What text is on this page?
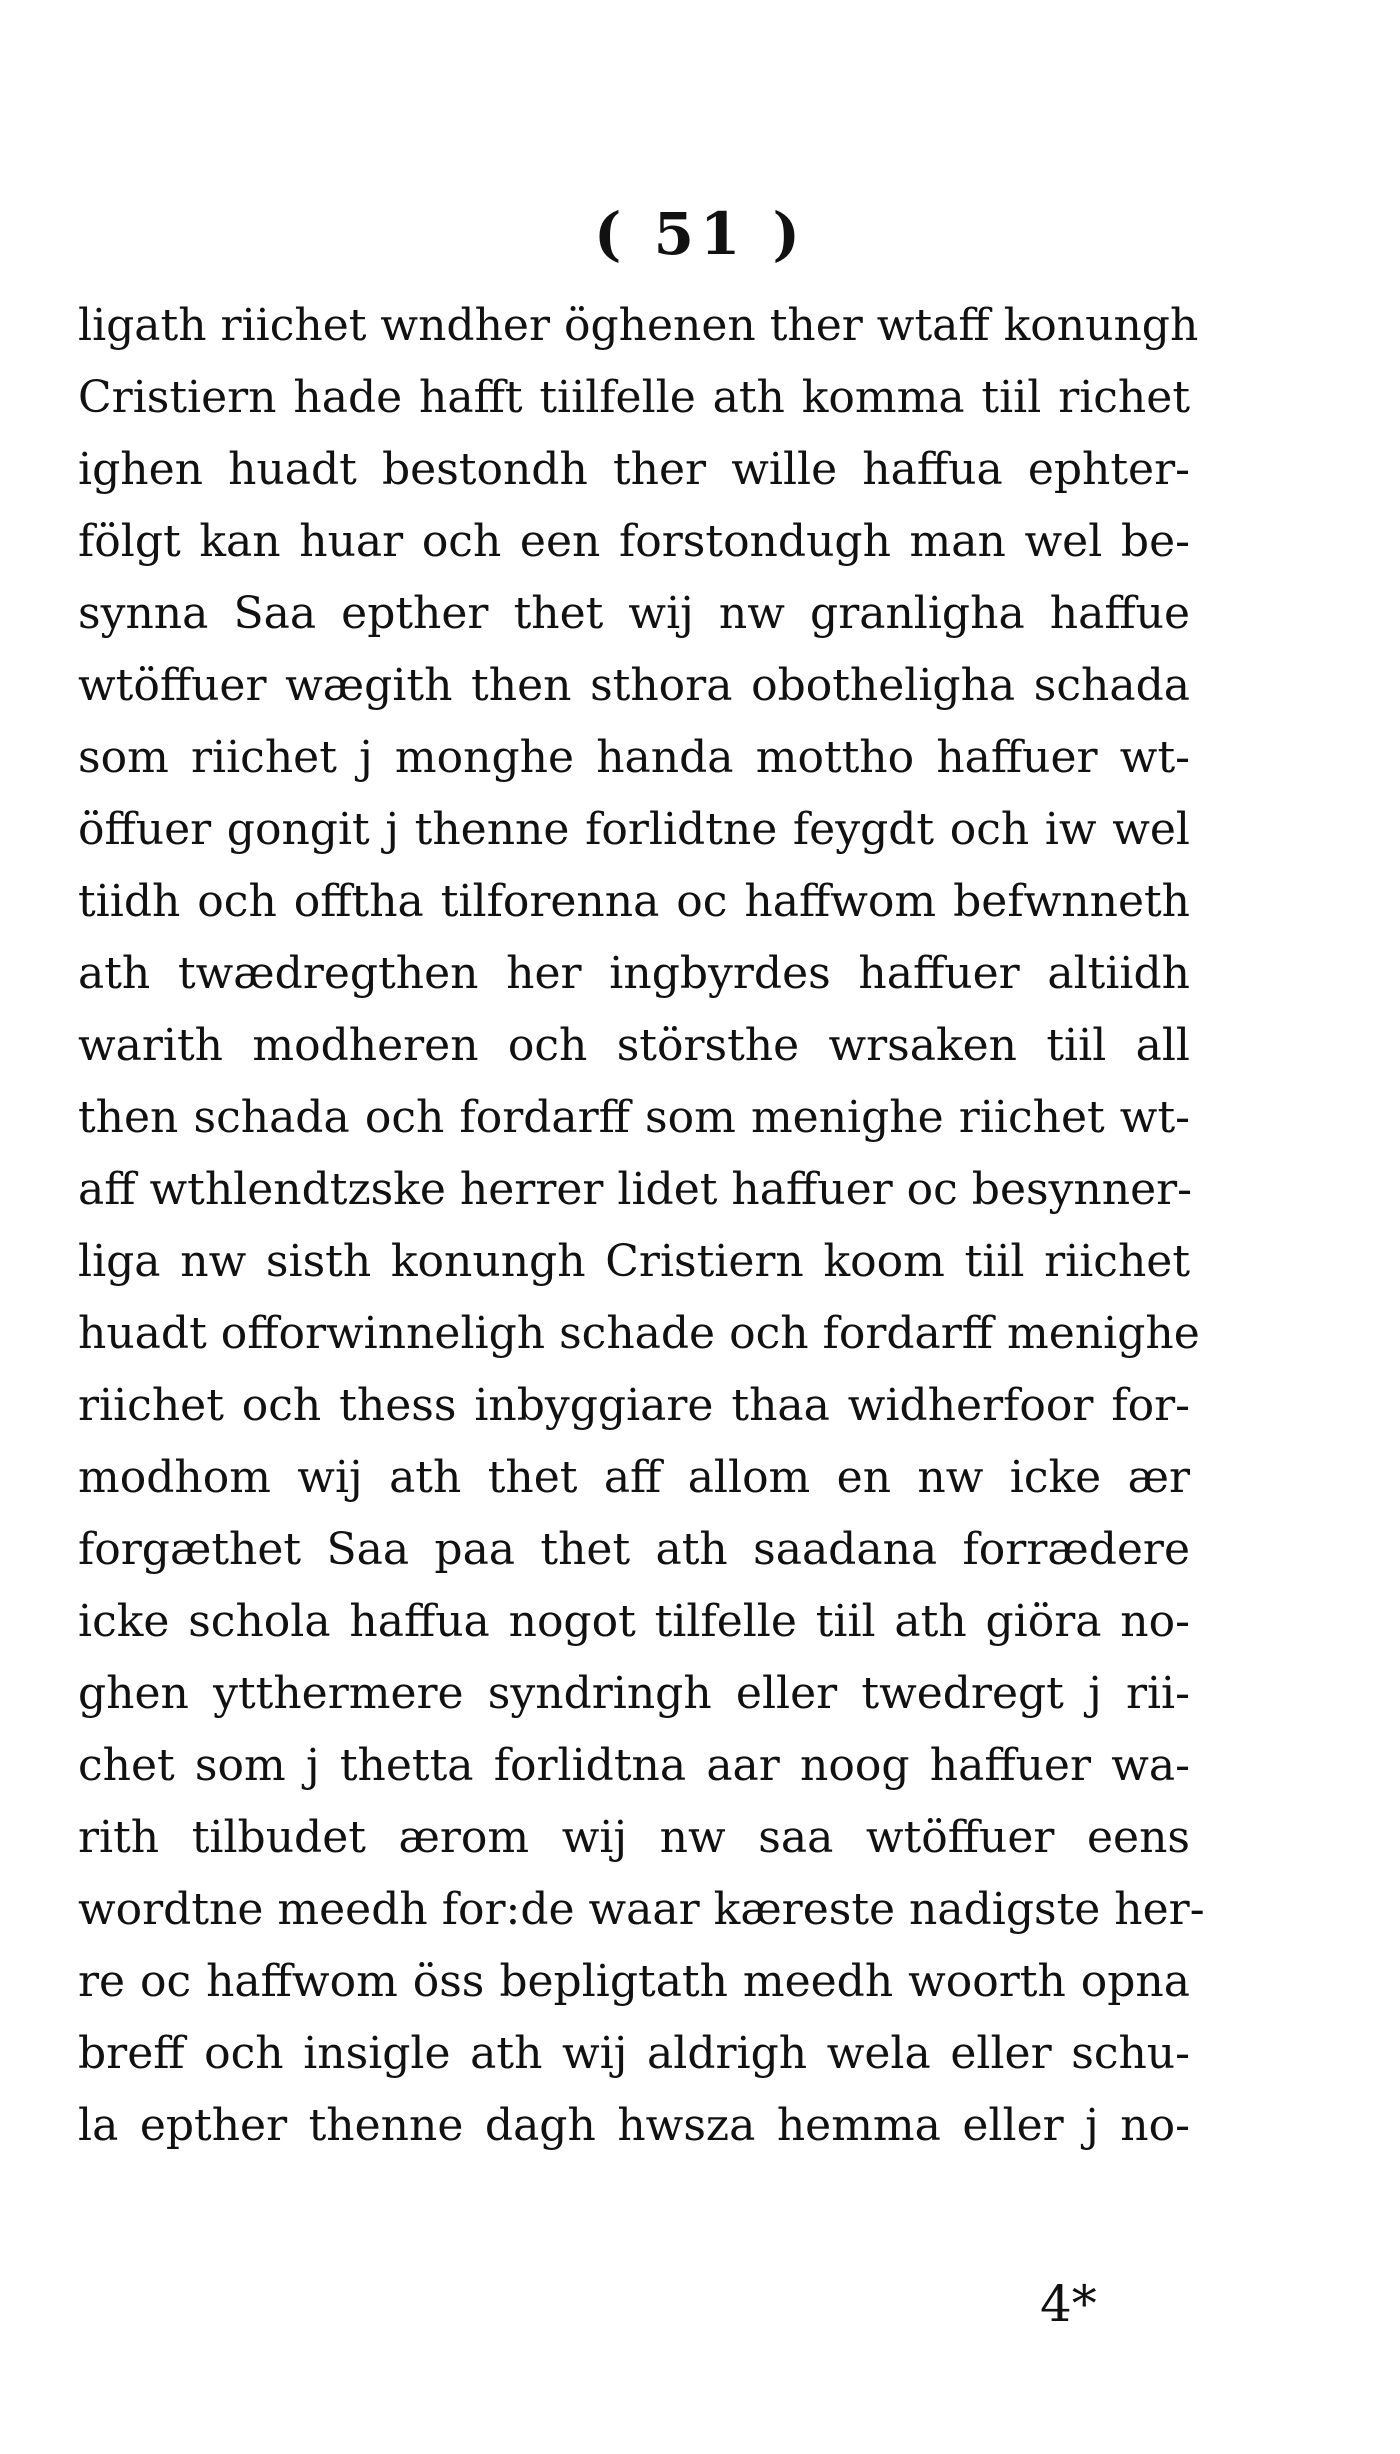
( 51 )
ligath riichet wndher öghenen ther wtaff konungh
Cristiern hade hafft tiilfelle ath komma tiil richet
ighen huadt bestondh ther wille haffua ephter-
fölgt kan huar och een forstondugh man wel be-
synna Saa epther thet wij nw granligha haffue
wtöffuer wægith then sthora obotheligha schada
som riichet j monghe handa mottho haffuer wt-
öffuer gongit j thenne forlidtne feygdt och iw wel
tiidh och offtha tilforenna oc haffwom befwnneth
ath twædregthen her ingbyrdes haffuer altiidh
warith modheren och störsthe wrsaken tiil all
then schada och fordarff som menighe riichet wt-
aff wthlendtzske herrer lidet haffuer oc besynner-
liga nw sisth konungh Cristiern koom tiil riichet
huadt offorwinneligh schade och fordarff menighe
riichet och thess inbyggiare thaa widherfoor for-
modhom wij ath thet aff allom en nw icke ær
forgæthet Saa paa thet ath saadana forrædere
icke schola haffua nogot tilfelle tiil ath giöra no-
ghen ytthermere syndringh eller twedregt j rii-
chet som j thetta forlidtna aar noog haffuer wa-
rith tilbudet ærom wij nw saa wtöffuer eens
wordtne meedh for:de waar kæreste nadigste her-
re oc haffwom öss bepligtath meedh woorth opna
breff och insigle ath wij aldrigh wela eller schu-
la epther thenne dagh hwsza hemma eller j no-
4*
